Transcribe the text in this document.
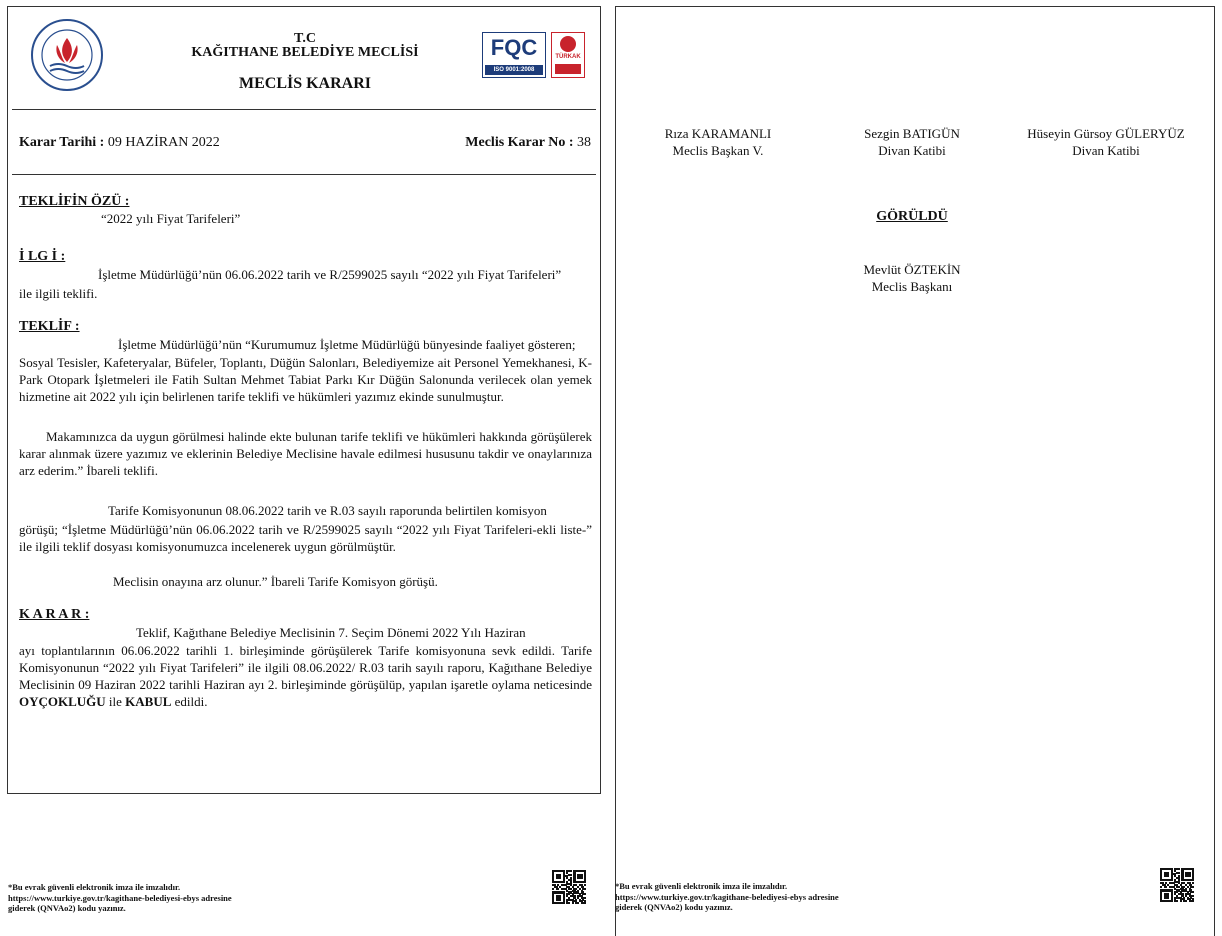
T.C
KAĞITHANE BELEDİYE MECLİSİ
MECLİS KARARI
FQC
ISO 9001:2008
TÜRKAK
Karar Tarihi : 09 HAZİRAN 2022	Meclis Karar No : 38
TEKLİFİN ÖZÜ :
“2022 yılı Fiyat Tarifeleri”
İ LG İ :
İşletme Müdürlüğü’nün 06.06.2022 tarih ve R/2599025 sayılı “2022 yılı Fiyat Tarifeleri”
ile ilgili teklifi.
TEKLİF :
İşletme Müdürlüğü’nün “Kurumumuz İşletme Müdürlüğü bünyesinde faaliyet gösteren;
Sosyal Tesisler, Kafeteryalar, Büfeler, Toplantı, Düğün Salonları, Belediyemize ait Personel Yemekhanesi, K-Park Otopark İşletmeleri ile Fatih Sultan Mehmet Tabiat Parkı Kır Düğün Salonunda verilecek olan yemek hizmetine ait 2022 yılı için belirlenen tarife teklifi ve hükümleri yazımız ekinde sunulmuştur.
Makamınızca da uygun görülmesi halinde ekte bulunan tarife teklifi ve hükümleri hakkında görüşülerek karar alınmak üzere yazımız ve eklerinin Belediye Meclisine havale edilmesi hususunu takdir ve onaylarınıza arz ederim.” İbareli teklifi.
Tarife Komisyonunun 08.06.2022 tarih ve R.03 sayılı raporunda belirtilen komisyon
görüşü; “İşletme Müdürlüğü’nün 06.06.2022 tarih ve R/2599025 sayılı “2022 yılı Fiyat Tarifeleri-ekli liste-” ile ilgili teklif dosyası komisyonumuzca incelenerek uygun görülmüştür.
Meclisin onayına arz olunur.” İbareli Tarife Komisyon görüşü.
K A R A R :
Teklif, Kağıthane Belediye Meclisinin 7. Seçim Dönemi 2022 Yılı Haziran
ayı toplantılarının 06.06.2022 tarihli 1. birleşiminde görüşülerek Tarife komisyonuna sevk edildi. Tarife Komisyonunun “2022 yılı Fiyat Tarifeleri” ile ilgili 08.06.2022/ R.03 tarih sayılı raporu, Kağıthane Belediye Meclisinin 09 Haziran 2022 tarihli Haziran ayı 2. birleşiminde görüşülüp, yapılan işaretle oylama neticesinde OYÇOKLUĞU ile KABUL edildi.
*Bu evrak güvenli elektronik imza ile imzalıdır.
https://www.turkiye.gov.tr/kagithane-belediyesi-ebys adresine
giderek (QNVAo2) kodu yazınız.
Rıza KARAMANLI
Meclis Başkan V.
Sezgin BATIGÜN
Divan Katibi
Hüseyin Gürsoy GÜLERYÜZ
Divan Katibi
GÖRÜLDÜ
Mevlüt ÖZTEKİN
Meclis Başkanı
*Bu evrak güvenli elektronik imza ile imzalıdır.
https://www.turkiye.gov.tr/kagithane-belediyesi-ebys adresine
giderek (QNVAo2) kodu yazınız.
